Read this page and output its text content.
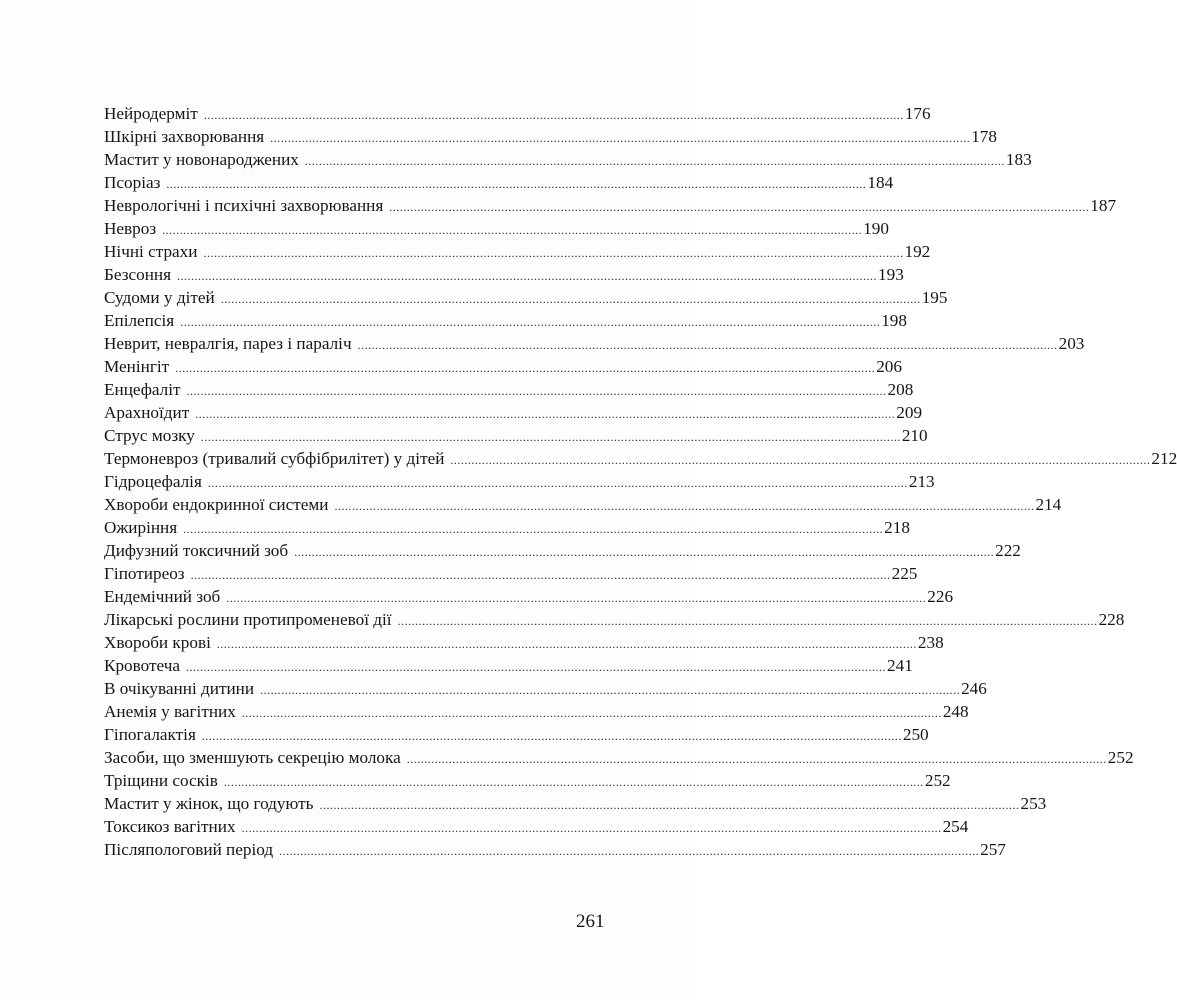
Нейродерміт ........................................................................................................................................................................................................ 176
Шкірні захворювання ........................................................................................................................................................................................................ 178
Мастит у новонароджених ........................................................................................................................................................................................................ 183
Псоріаз ........................................................................................................................................................................................................ 184
Неврологічні і психічні захворювання ........................................................................................................................................................................................................ 187
Невроз ........................................................................................................................................................................................................ 190
Нічні страхи ........................................................................................................................................................................................................ 192
Безсоння ........................................................................................................................................................................................................ 193
Судоми у дітей ........................................................................................................................................................................................................ 195
Епілепсія ........................................................................................................................................................................................................ 198
Неврит, невралгія, парез і параліч ........................................................................................................................................................................................................ 203
Менінгіт ........................................................................................................................................................................................................ 206
Енцефаліт ........................................................................................................................................................................................................ 208
Арахноїдит ........................................................................................................................................................................................................ 209
Струс мозку ........................................................................................................................................................................................................ 210
Термоневроз (тривалий субфібрилітет) у дітей ........................................................................................................................................................................................................ 212
Гідроцефалія ........................................................................................................................................................................................................ 213
Хвороби ендокринної системи ........................................................................................................................................................................................................ 214
Ожиріння ........................................................................................................................................................................................................ 218
Дифузний токсичний зоб ........................................................................................................................................................................................................ 222
Гіпотиреоз ........................................................................................................................................................................................................ 225
Ендемічний зоб ........................................................................................................................................................................................................ 226
Лікарські рослини протипроменевої дії ........................................................................................................................................................................................................ 228
Хвороби крові ........................................................................................................................................................................................................ 238
Кровотеча ........................................................................................................................................................................................................ 241
В очікуванні дитини ........................................................................................................................................................................................................ 246
Анемія у вагітних ........................................................................................................................................................................................................ 248
Гіпогалактія ........................................................................................................................................................................................................ 250
Засоби, що зменшують секрецію молока ........................................................................................................................................................................................................ 252
Тріщини сосків ........................................................................................................................................................................................................ 252
Мастит у жінок, що годують ........................................................................................................................................................................................................ 253
Токсикоз вагітних ........................................................................................................................................................................................................ 254
Післяпологовий період ........................................................................................................................................................................................................ 257
261
